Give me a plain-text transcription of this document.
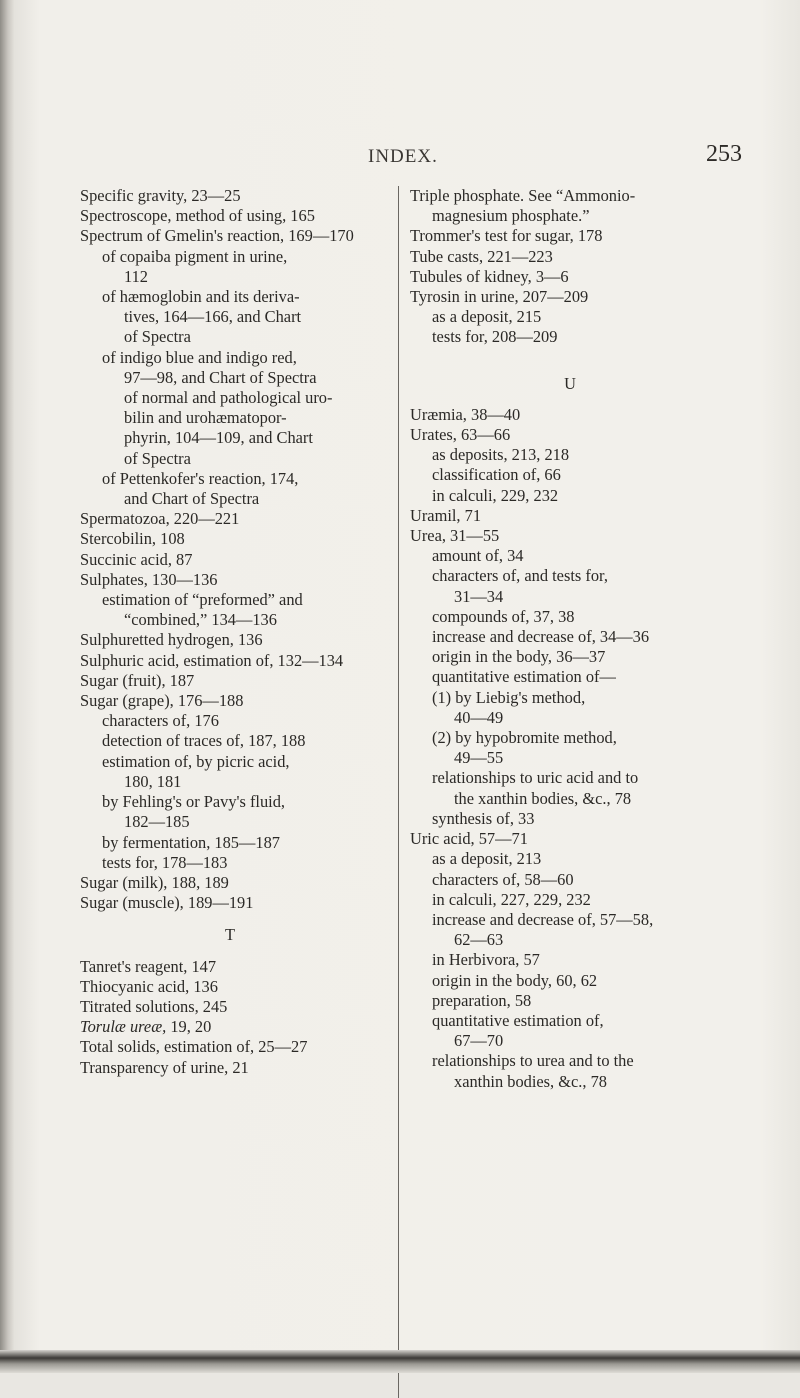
INDEX.	253
Specific gravity, 23—25
Spectroscope, method of using, 165
Spectrum of Gmelin's reaction, 169—170
of copaiba pigment in urine,
112
of hæmoglobin and its deriva-
tives, 164—166, and Chart
of Spectra
of indigo blue and indigo red,
97—98, and Chart of Spectra
of normal and pathological uro-
bilin and urohæmatopor-
phyrin, 104—109, and Chart
of Spectra
of Pettenkofer's reaction, 174,
and Chart of Spectra
Spermatozoa, 220—221
Stercobilin, 108
Succinic acid, 87
Sulphates, 130—136
estimation of “preformed” and
“combined,” 134—136
Sulphuretted hydrogen, 136
Sulphuric acid, estimation of, 132—134
Sugar (fruit), 187
Sugar (grape), 176—188
characters of, 176
detection of traces of, 187, 188
estimation of, by picric acid,
180, 181
by Fehling's or Pavy's fluid,
182—185
by fermentation, 185—187
tests for, 178—183
Sugar (milk), 188, 189
Sugar (muscle), 189—191
T
Tanret's reagent, 147
Thiocyanic acid, 136
Titrated solutions, 245
Torulæ ureæ, 19, 20
Total solids, estimation of, 25—27
Transparency of urine, 21
Triple phosphate. See “Ammonio-
magnesium phosphate.”
Trommer's test for sugar, 178
Tube casts, 221—223
Tubules of kidney, 3—6
Tyrosin in urine, 207—209
as a deposit, 215
tests for, 208—209
U
Uræmia, 38—40
Urates, 63—66
as deposits, 213, 218
classification of, 66
in calculi, 229, 232
Uramil, 71
Urea, 31—55
amount of, 34
characters of, and tests for,
31—34
compounds of, 37, 38
increase and decrease of, 34—36
origin in the body, 36—37
quantitative estimation of—
(1) by Liebig's method,
40—49
(2) by hypobromite method,
49—55
relationships to uric acid and to
the xanthin bodies, &c., 78
synthesis of, 33
Uric acid, 57—71
as a deposit, 213
characters of, 58—60
in calculi, 227, 229, 232
increase and decrease of, 57—58,
62—63
in Herbivora, 57
origin in the body, 60, 62
preparation, 58
quantitative estimation of,
67—70
relationships to urea and to the
xanthin bodies, &c., 78
